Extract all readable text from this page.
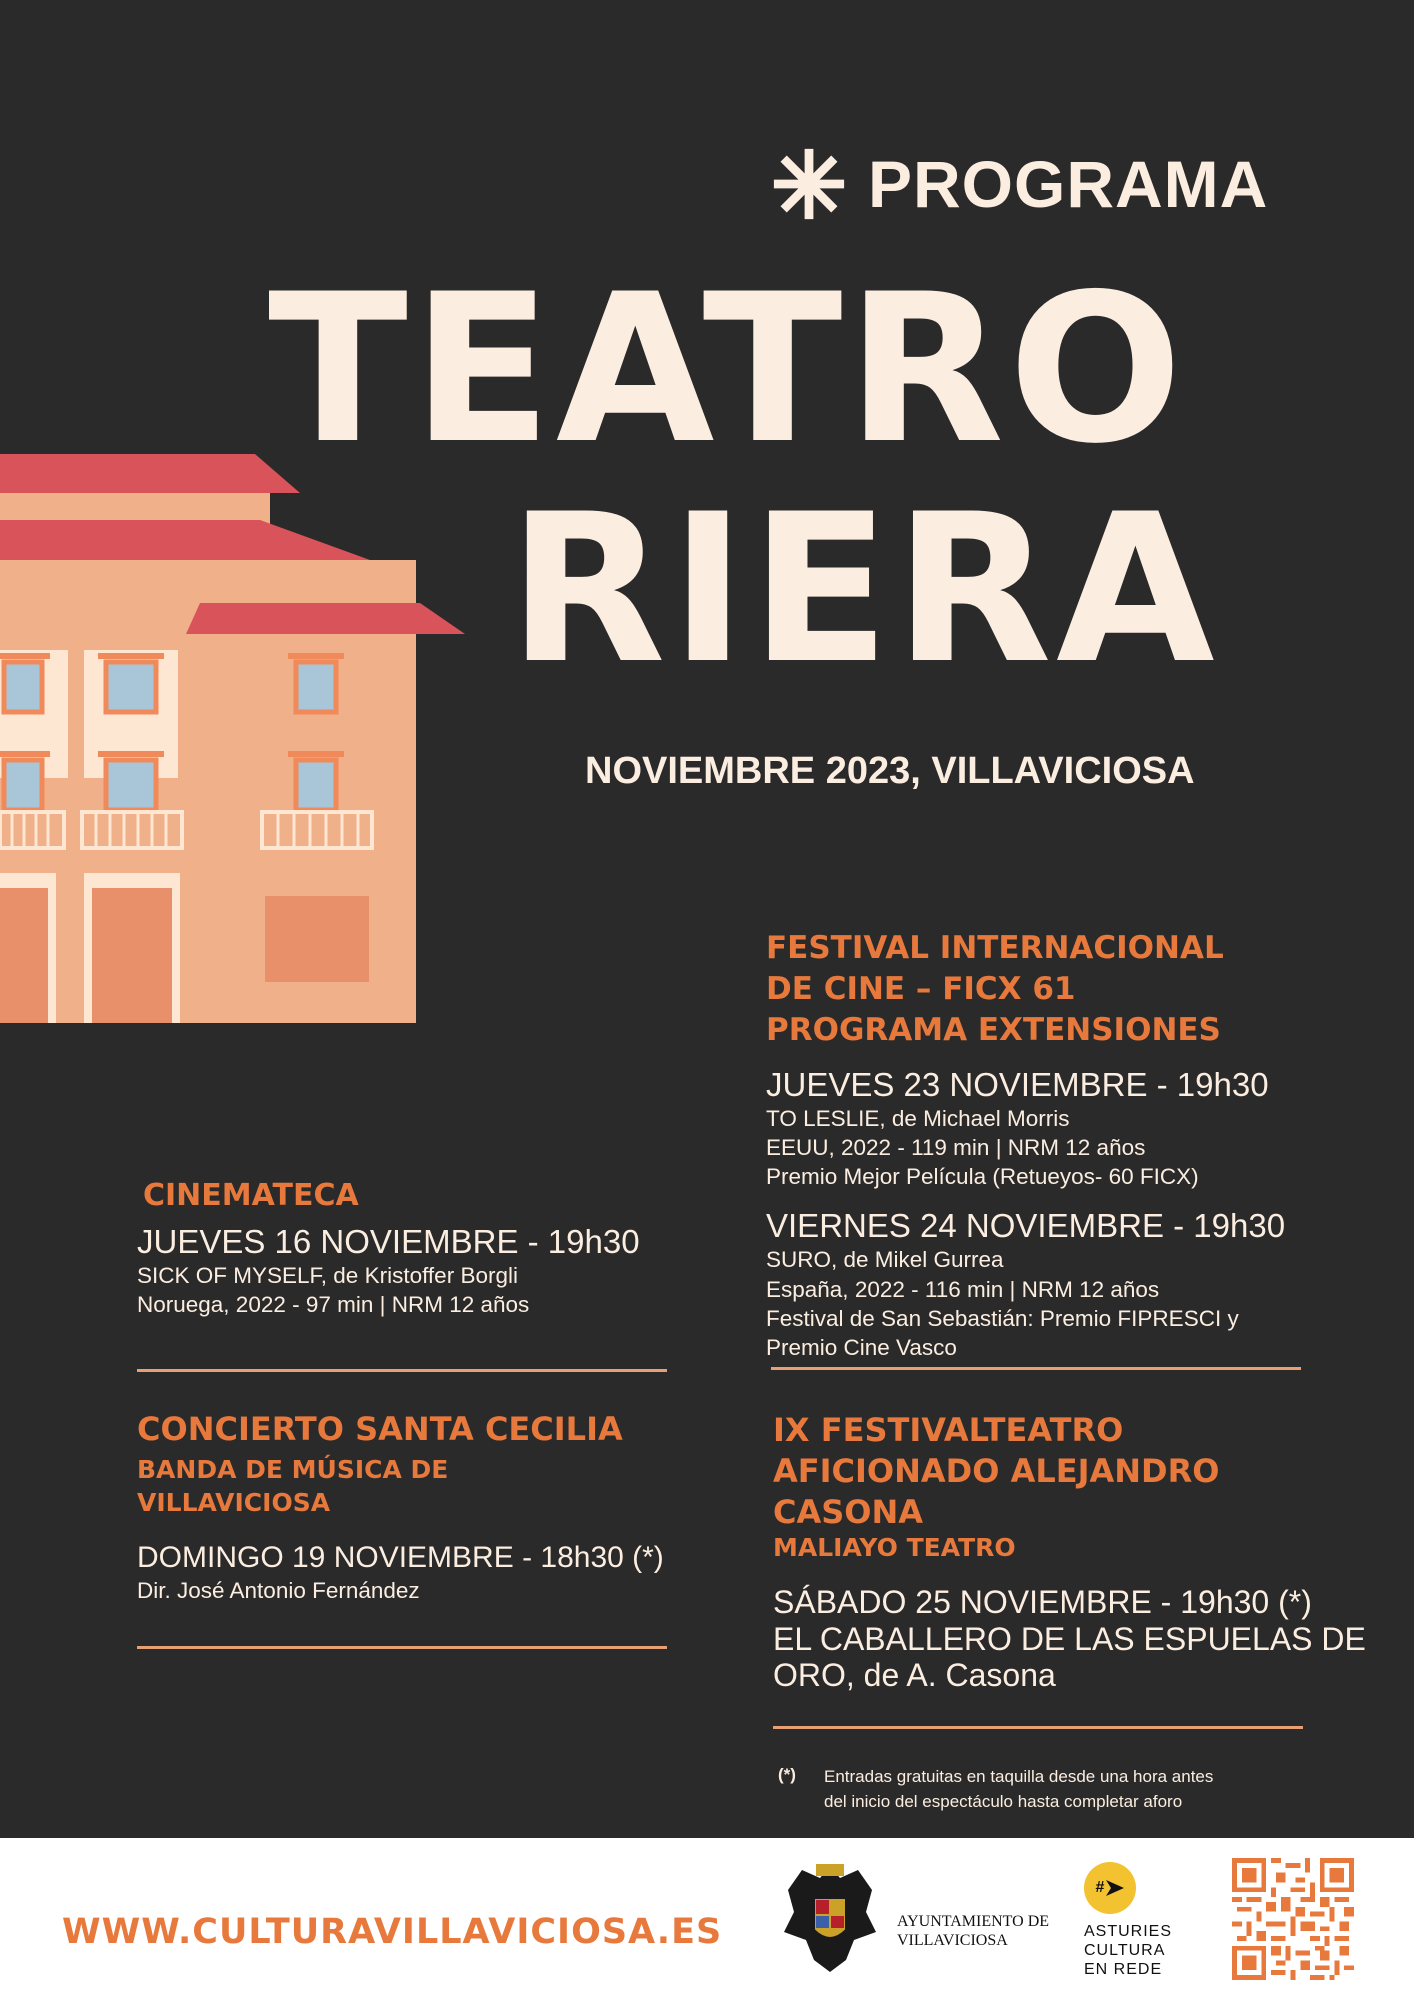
PROGRAMA
TEATRO
RIERA
NOVIEMBRE 2023, VILLAVICIOSA
FESTIVAL INTERNACIONAL
DE CINE – FICX 61
PROGRAMA EXTENSIONES
JUEVES 23 NOVIEMBRE - 19h30
TO LESLIE, de Michael Morris
EEUU, 2022 - 119 min | NRM 12 años
Premio Mejor Película (Retueyos- 60 FICX)
VIERNES 24 NOVIEMBRE - 19h30
SURO, de Mikel Gurrea
España, 2022 - 116 min | NRM 12 años
Festival de San Sebastián: Premio FIPRESCI y
Premio Cine Vasco
CINEMATECA
JUEVES 16 NOVIEMBRE - 19h30
SICK OF MYSELF, de Kristoffer Borgli
Noruega, 2022 - 97 min | NRM 12 años
CONCIERTO SANTA CECILIA
BANDA DE MÚSICA DE
VILLAVICIOSA
DOMINGO 19 NOVIEMBRE - 18h30 (*)
Dir. José Antonio Fernández
IX FESTIVALTEATRO
AFICIONADO ALEJANDRO
CASONA
MALIAYO TEATRO
SÁBADO 25 NOVIEMBRE - 19h30 (*)
EL CABALLERO DE LAS ESPUELAS DE
ORO, de A. Casona
(*) Entradas gratuitas en taquilla desde una hora antes
del inicio del espectáculo hasta completar aforo
WWW.CULTURAVILLAVICIOSA.ES	AYUNTAMIENTO DE
VILLAVICIOSA
#
ASTURIES
CULTURA
EN REDE
